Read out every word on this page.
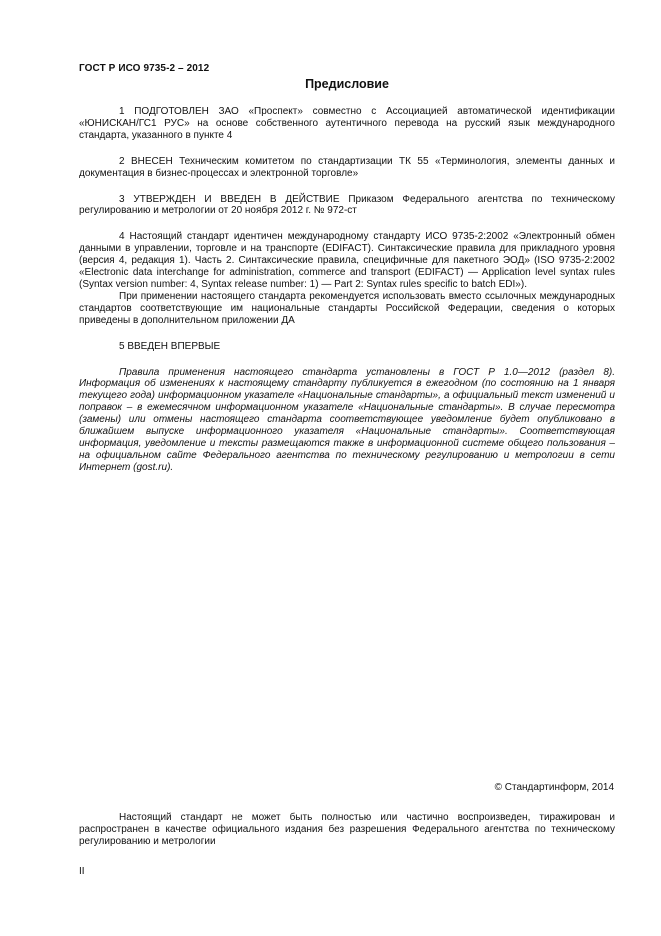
ГОСТ Р ИСО 9735-2 – 2012
Предисловие

1 ПОДГОТОВЛЕН ЗАО «Проспект» совместно с Ассоциацией автоматической идентификации «ЮНИСКАН/ГС1 РУС» на основе собственного аутентичного перевода на русский язык международного стандарта, указанного в пункте 4

2 ВНЕСЕН Техническим комитетом по стандартизации ТК 55 «Терминология, элементы данных и документация в бизнес-процессах и электронной торговле»

3 УТВЕРЖДЕН И ВВЕДЕН В ДЕЙСТВИЕ Приказом Федерального агентства по техническому регулированию и метрологии от 20 ноября 2012 г. № 972-ст

4 Настоящий стандарт идентичен международному стандарту ИСО 9735-2:2002 «Электронный обмен данными в управлении, торговле и на транспорте (EDIFACT). Синтаксические правила для прикладного уровня (версия 4, редакция 1). Часть 2. Синтаксические правила, специфичные для пакетного ЭОД» (ISO 9735-2:2002 «Electronic data interchange for administration, commerce and transport (EDIFACT) — Application level syntax rules (Syntax version number: 4, Syntax release number: 1) — Part 2: Syntax rules specific to batch EDI»).

При применении настоящего стандарта рекомендуется использовать вместо ссылочных международных стандартов соответствующие им национальные стандарты Российской Федерации, сведения о которых приведены в дополнительном приложении ДА

5 ВВЕДЕН ВПЕРВЫЕ

Правила применения настоящего стандарта установлены в ГОСТ Р 1.0—2012 (раздел 8). Информация об изменениях к настоящему стандарту публикуется в ежегодном (по состоянию на 1 января текущего года) информационном указателе «Национальные стандарты», а официальный текст изменений и поправок – в ежемесячном информационном указателе «Национальные стандарты». В случае пересмотра (замены) или отмены настоящего стандарта соответствующее уведомление будет опубликовано в ближайшем выпуске информационного указателя «Национальные стандарты». Соответствующая информация, уведомление и тексты размещаются также в информационной системе общего пользования – на официальном сайте Федерального агентства по техническому регулированию и метрологии в сети Интернет (gost.ru).

© Стандартинформ, 2014

Настоящий стандарт не может быть полностью или частично воспроизведен, тиражирован и распространен в качестве официального издания без разрешения Федерального агентства по техническому регулированию и метрологии

II
